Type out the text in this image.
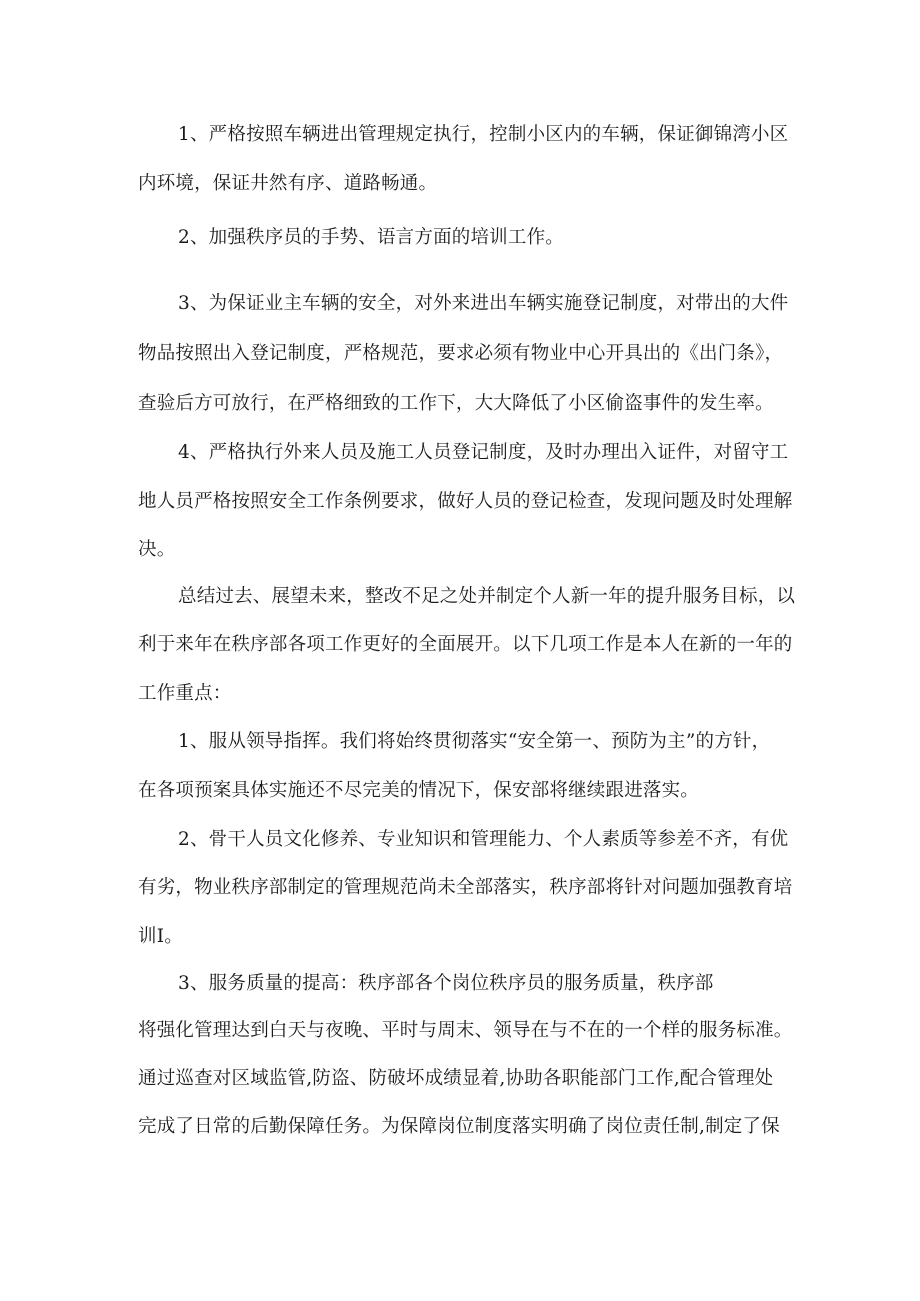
1、严格按照车辆进出管理规定执行，控制小区内的车辆，保证御锦湾小区
内环境，保证井然有序、道路畅通。
2、加强秩序员的手势、语言方面的培训工作。
3、为保证业主车辆的安全，对外来进出车辆实施登记制度，对带出的大件
物品按照出入登记制度，严格规范，要求必须有物业中心开具出的《出门条》，
查验后方可放行，在严格细致的工作下，大大降低了小区偷盗事件的发生率。
4、严格执行外来人员及施工人员登记制度，及时办理出入证件，对留守工
地人员严格按照安全工作条例要求，做好人员的登记检查，发现问题及时处理解
决。
总结过去、展望未来，整改不足之处并制定个人新一年的提升服务目标，以
利于来年在秩序部各项工作更好的全面展开。以下几项工作是本人在新的一年的
工作重点：
1、服从领导指挥。我们将始终贯彻落实“安全第一、预防为主”的方针，
在各项预案具体实施还不尽完美的情况下，保安部将继续跟进落实。
2、骨干人员文化修养、专业知识和管理能力、个人素质等参差不齐，有优
有劣，物业秩序部制定的管理规范尚未全部落实，秩序部将针对问题加强教育培
训I。
3、服务质量的提高：秩序部各个岗位秩序员的服务质量，秩序部
将强化管理达到白天与夜晚、平时与周末、领导在与不在的一个样的服务标准。
通过巡查对区域监管,防盗、防破坏成绩显着,协助各职能部门工作,配合管理处
完成了日常的后勤保障任务。为保障岗位制度落实明确了岗位责任制,制定了保
